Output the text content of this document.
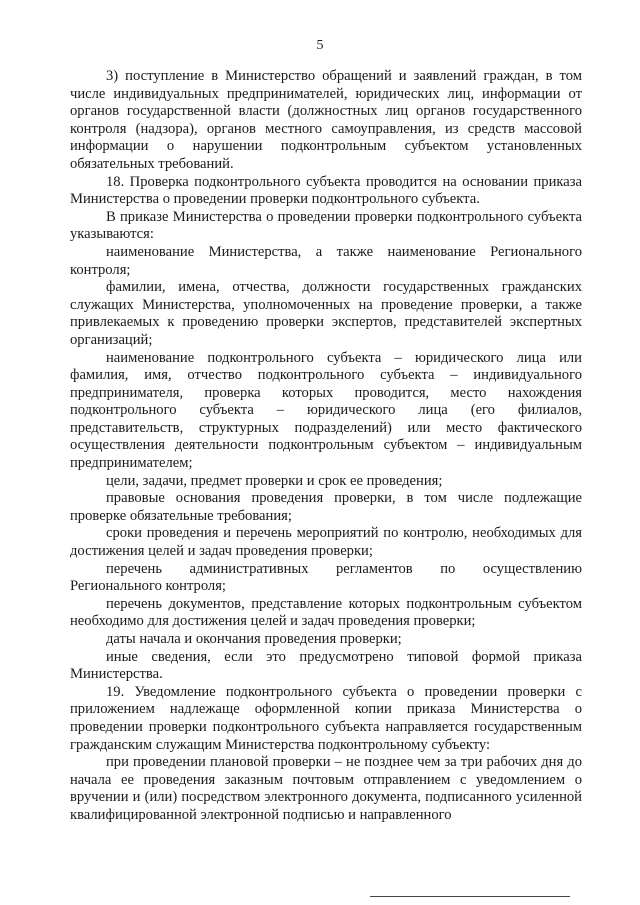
5

3) поступление в Министерство обращений и заявлений граждан, в том числе индивидуальных предпринимателей, юридических лиц, информации от органов государственной власти (должностных лиц органов государственного контроля (надзора), органов местного самоуправления, из средств массовой информации о нарушении подконтрольным субъектом установленных обязательных требований.

18. Проверка подконтрольного субъекта проводится на основании приказа Министерства о проведении проверки подконтрольного субъекта.

В приказе Министерства о проведении проверки подконтрольного субъекта указываются:

наименование Министерства, а также наименование Регионального контроля;

фамилии, имена, отчества, должности государственных гражданских служащих Министерства, уполномоченных на проведение проверки, а также привлекаемых к проведению проверки экспертов, представителей экспертных организаций;

наименование подконтрольного субъекта – юридического лица или фамилия, имя, отчество подконтрольного субъекта – индивидуального предпринимателя, проверка которых проводится, место нахождения подконтрольного субъекта – юридического лица (его филиалов, представительств, структурных подразделений) или место фактического осуществления деятельности подконтрольным субъектом – индивидуальным предпринимателем;

цели, задачи, предмет проверки и срок ее проведения;

правовые основания проведения проверки, в том числе подлежащие проверке обязательные требования;

сроки проведения и перечень мероприятий по контролю, необходимых для достижения целей и задач проведения проверки;

перечень административных регламентов по осуществлению Регионального контроля;

перечень документов, представление которых подконтрольным субъектом необходимо для достижения целей и задач проведения проверки;

даты начала и окончания проведения проверки;

иные сведения, если это предусмотрено типовой формой приказа Министерства.

19. Уведомление подконтрольного субъекта о проведении проверки с приложением надлежаще оформленной копии приказа Министерства о проведении проверки подконтрольного субъекта направляется государственным гражданским служащим Министерства подконтрольному субъекту:

при проведении плановой проверки – не позднее чем за три рабочих дня до начала ее проведения заказным почтовым отправлением с уведомлением о вручении и (или) посредством электронного документа, подписанного усиленной квалифицированной электронной подписью и направленного
